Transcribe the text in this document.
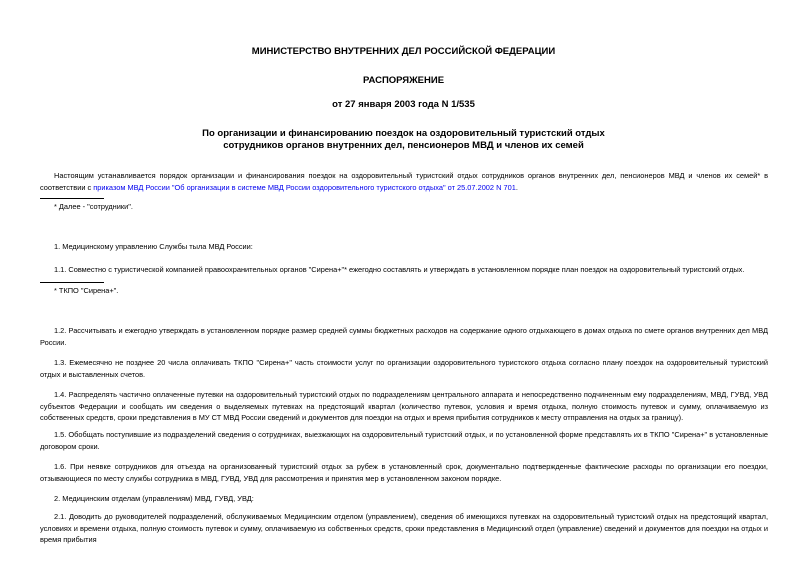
МИНИСТЕРСТВО ВНУТРЕННИХ ДЕЛ РОССИЙСКОЙ ФЕДЕРАЦИИ
РАСПОРЯЖЕНИЕ
от 27 января 2003 года N 1/535
По организации и финансированию поездок на оздоровительный туристский отдых
сотрудников органов внутренних дел, пенсионеров МВД и членов их семей

Настоящим устанавливается порядок организации и финансирования поездок на оздоровительный туристский отдых сотрудников органов внутренних дел, пенсионеров МВД и членов их семей* в соответствии с приказом МВД России "Об организации в системе МВД России оздоровительного туристского отдыха" от 25.07.2002 N 701.

* Далее - "сотрудники".

1. Медицинскому управлению Службы тыла МВД России:

1.1. Совместно с туристической компанией правоохранительных органов "Сирена+"* ежегодно составлять и утверждать в установленном порядке план поездок на оздоровительный туристский отдых.

* ТКПО "Сирена+".

1.2. Рассчитывать и ежегодно утверждать в установленном порядке размер средней суммы бюджетных расходов на содержание одного отдыхающего в домах отдыха по смете органов внутренних дел МВД России.

1.3. Ежемесячно не позднее 20 числа оплачивать ТКПО "Сирена+" часть стоимости услуг по организации оздоровительного туристского отдыха согласно плану поездок на оздоровительный туристский отдых и выставленных счетов.

1.4. Распределять частично оплаченные путевки на оздоровительный туристский отдых по подразделениям центрального аппарата и непосредственно подчиненным ему подразделениям, МВД, ГУВД, УВД субъектов Федерации и сообщать им сведения о выделяемых путевках на предстоящий квартал (количество путевок, условия и время отдыха, полную стоимость путевок и сумму, оплачиваемую из собственных средств, сроки представления в МУ СТ МВД России сведений и документов для поездки на отдых и время прибытия сотрудников к месту отправления на отдых за границу).

1.5. Обобщать поступившие из подразделений сведения о сотрудниках, выезжающих на оздоровительный туристский отдых, и по установленной форме представлять их в ТКПО "Сирена+" в установленные договором сроки.

1.6. При неявке сотрудников для отъезда на организованный туристский отдых за рубеж в установленный срок, документально подтвержденные фактические расходы по организации его поездки, отзывающиеся по месту службы сотрудника в МВД, ГУВД, УВД для рассмотрения и принятия мер в установленном законом порядке.

2. Медицинским отделам (управлениям) МВД, ГУВД, УВД:

2.1. Доводить до руководителей подразделений, обслуживаемых Медицинским отделом (управлением), сведения об имеющихся путевках на оздоровительный туристский отдых на предстоящий квартал, условиях и времени отдыха, полную стоимость путевок и сумму, оплачиваемую из собственных средств, сроки представления в Медицинский отдел (управление) сведений и документов для поездки на отдых и время прибытия
